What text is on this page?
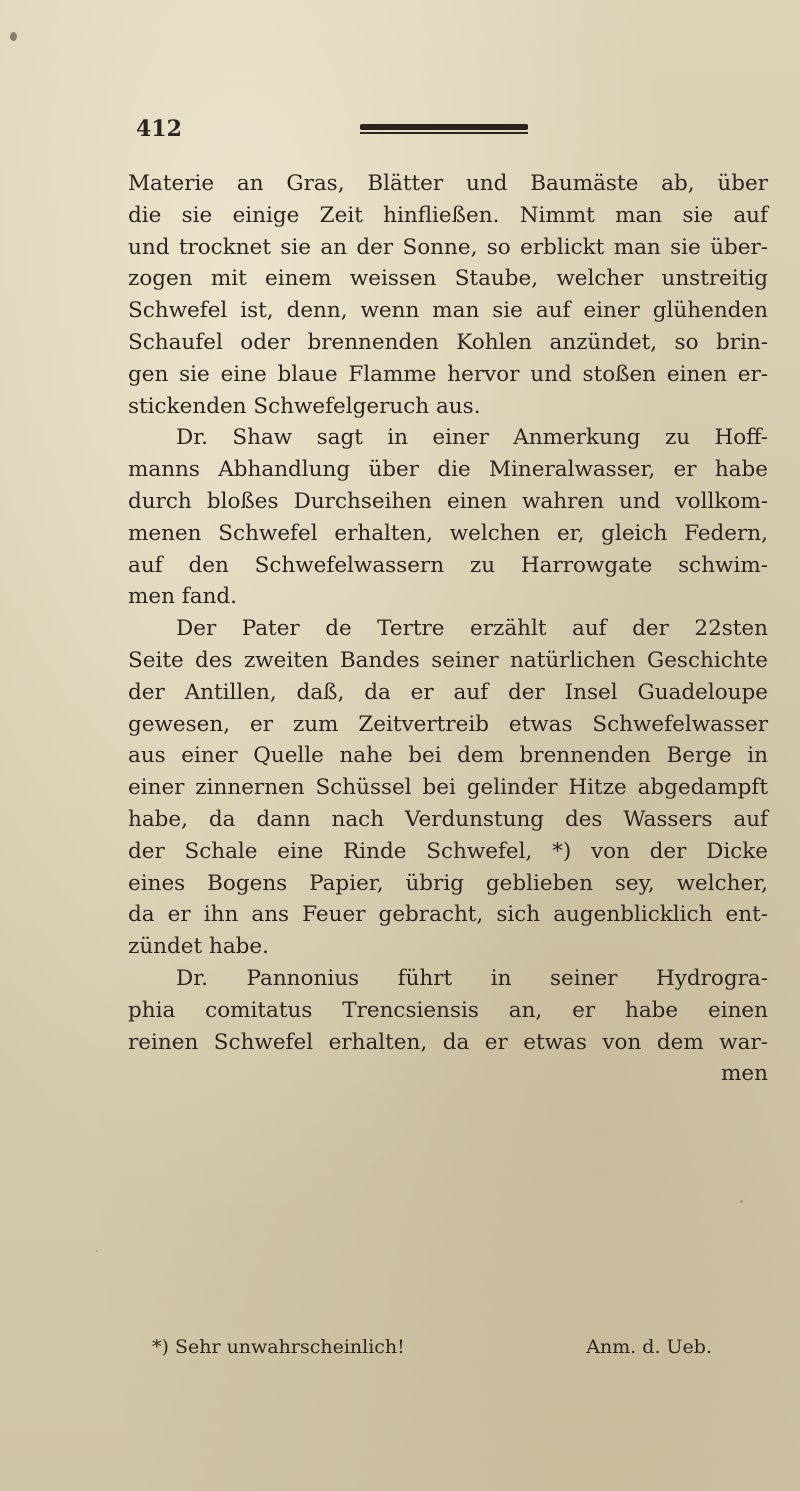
412
Materie an Gras, Blätter und Baumäste ab, über
die sie einige Zeit hinfließen. Nimmt man sie auf
und trocknet sie an der Sonne, so erblickt man sie über-
zogen mit einem weissen Staube, welcher unstreitig
Schwefel ist, denn, wenn man sie auf einer glühenden
Schaufel oder brennenden Kohlen anzündet, so brin-
gen sie eine blaue Flamme hervor und stoßen einen er-
stickenden Schwefelgeruch aus.
Dr. Shaw sagt in einer Anmerkung zu Hoff-
manns Abhandlung über die Mineralwasser, er habe
durch bloßes Durchseihen einen wahren und vollkom-
menen Schwefel erhalten, welchen er, gleich Federn,
auf den Schwefelwassern zu Harrowgate schwim-
men fand.
Der Pater de Tertre erzählt auf der 22sten
Seite des zweiten Bandes seiner natürlichen Geschichte
der Antillen, daß, da er auf der Insel Guadeloupe
gewesen, er zum Zeitvertreib etwas Schwefelwasser
aus einer Quelle nahe bei dem brennenden Berge in
einer zinnernen Schüssel bei gelinder Hitze abgedampft
habe, da dann nach Verdunstung des Wassers auf
der Schale eine Rinde Schwefel, *) von der Dicke
eines Bogens Papier, übrig geblieben sey, welcher,
da er ihn ans Feuer gebracht, sich augenblicklich ent-
zündet habe.
Dr. Pannonius führt in seiner Hydrogra-
phia comitatus Trencsiensis an, er habe einen
reinen Schwefel erhalten, da er etwas von dem war-
men
*) Sehr unwahrscheinlich!	Anm. d. Ueb.
